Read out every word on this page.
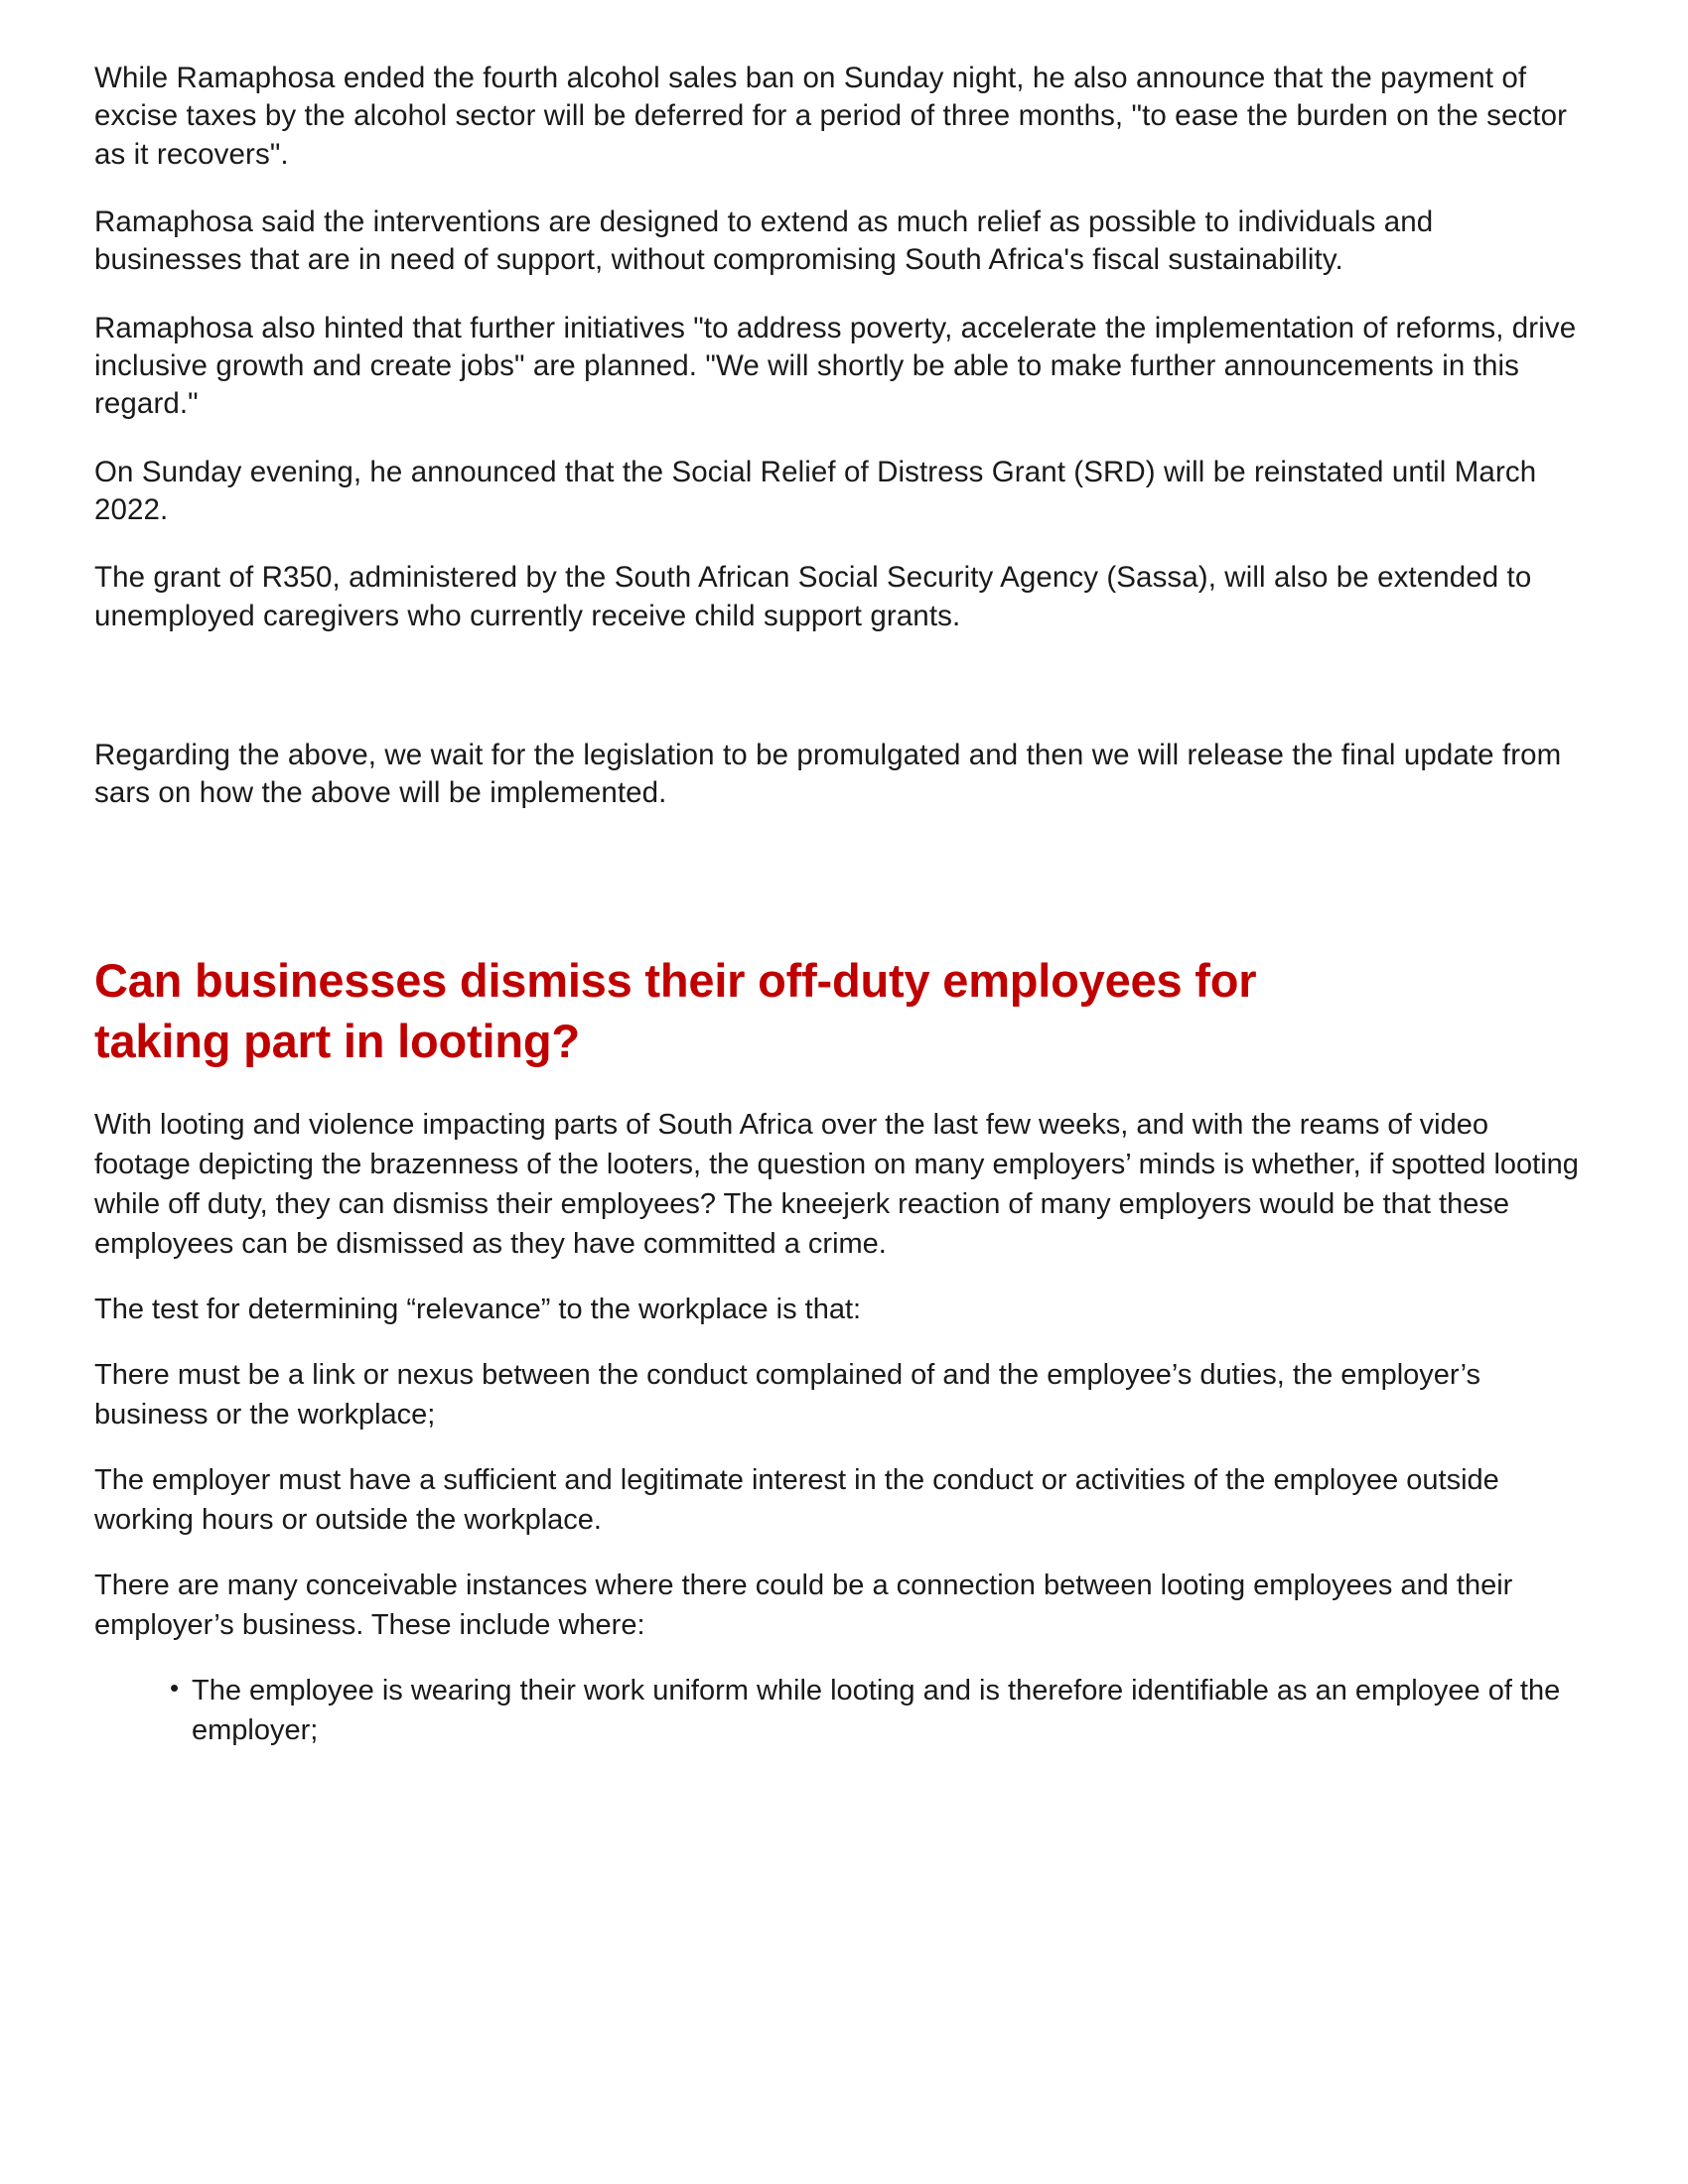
While Ramaphosa ended the fourth alcohol sales ban on Sunday night, he also announce that the payment of excise taxes by the alcohol sector will be deferred for a period of three months, "to ease the burden on the sector as it recovers".

Ramaphosa said the interventions are designed to extend as much relief as possible to individuals and businesses that are in need of support, without compromising South Africa's fiscal sustainability.

Ramaphosa also hinted that further initiatives "to address poverty, accelerate the implementation of reforms, drive inclusive growth and create jobs" are planned. "We will shortly be able to make further announcements in this regard."

On Sunday evening, he announced that the Social Relief of Distress Grant (SRD) will be reinstated until March 2022.

The grant of R350, administered by the South African Social Security Agency (Sassa), will also be extended to unemployed caregivers who currently receive child support grants.

Regarding the above, we wait for the legislation to be promulgated and then we will release the final update from sars on how the above will be implemented.

Can businesses dismiss their off-duty employees for taking part in looting?

With looting and violence impacting parts of South Africa over the last few weeks, and with the reams of video footage depicting the brazenness of the looters, the question on many employers’ minds is whether, if spotted looting while off duty, they can dismiss their employees? The kneejerk reaction of many employers would be that these employees can be dismissed as they have committed a crime.

The test for determining “relevance” to the workplace is that:

There must be a link or nexus between the conduct complained of and the employee’s duties, the employer’s business or the workplace;

The employer must have a sufficient and legitimate interest in the conduct or activities of the employee outside working hours or outside the workplace.

There are many conceivable instances where there could be a connection between looting employees and their employer’s business. These include where:

• The employee is wearing their work uniform while looting and is therefore identifiable as an employee of the employer;
